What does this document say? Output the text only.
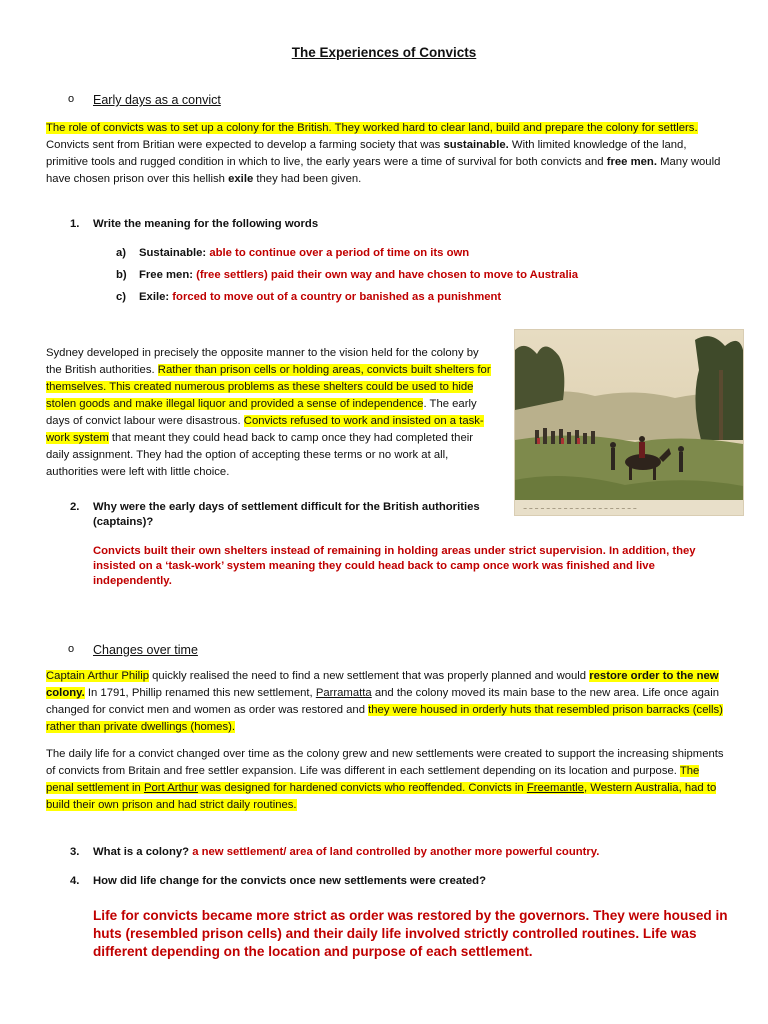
The Experiences of Convicts
o Early days as a convict
The role of convicts was to set up a colony for the British. They worked hard to clear land, build and prepare the colony for settlers. Convicts sent from Britian were expected to develop a farming society that was sustainable. With limited knowledge of the land, primitive tools and rugged condition in which to live, the early years were a time of survival for both convicts and free men. Many would have chosen prison over this hellish exile they had been given.
1. Write the meaning for the following words
a) Sustainable: able to continue over a period of time on its own
b) Free men: (free settlers) paid their own way and have chosen to move to Australia
c) Exile: forced to move out of a country or banished as a punishment
Sydney developed in precisely the opposite manner to the vision held for the colony by the British authorities. Rather than prison cells or holding areas, convicts built shelters for themselves. This created numerous problems as these shelters could be used to hide stolen goods and make illegal liquor and provided a sense of independence. The early days of convict labour were disastrous. Convicts refused to work and insisted on a task-work system that meant they could head back to camp once they had completed their daily assignment. They had the option of accepting these terms or no work at all, authorities were left with little choice.
~ ~ ~ ~ ~ ~ ~ ~ ~ ~ ~ ~ ~ ~ ~ ~ ~ ~ ~ ~
2. Why were the early days of settlement difficult for the British authorities (captains)?
Convicts built their own shelters instead of remaining in holding areas under strict supervision. In addition, they insisted on a ‘task-work’ system meaning they could head back to camp once work was finished and live independently.
o Changes over time
Captain Arthur Philip quickly realised the need to find a new settlement that was properly planned and would restore order to the new colony. In 1791, Phillip renamed this new settlement, Parramatta and the colony moved its main base to the new area. Life once again changed for convict men and women as order was restored and they were housed in orderly huts that resembled prison barracks (cells) rather than private dwellings (homes).
The daily life for a convict changed over time as the colony grew and new settlements were created to support the increasing shipments of convicts from Britain and free settler expansion. Life was different in each settlement depending on its location and purpose. The penal settlement in Port Arthur was designed for hardened convicts who reoffended. Convicts in Freemantle, Western Australia, had to build their own prison and had strict daily routines.
3. What is a colony? a new settlement/ area of land controlled by another more powerful country.
4. How did life change for the convicts once new settlements were created?
Life for convicts became more strict as order was restored by the governors. They were housed in huts (resembled prison cells) and their daily life involved strictly controlled routines. Life was different depending on the location and purpose of each settlement.
